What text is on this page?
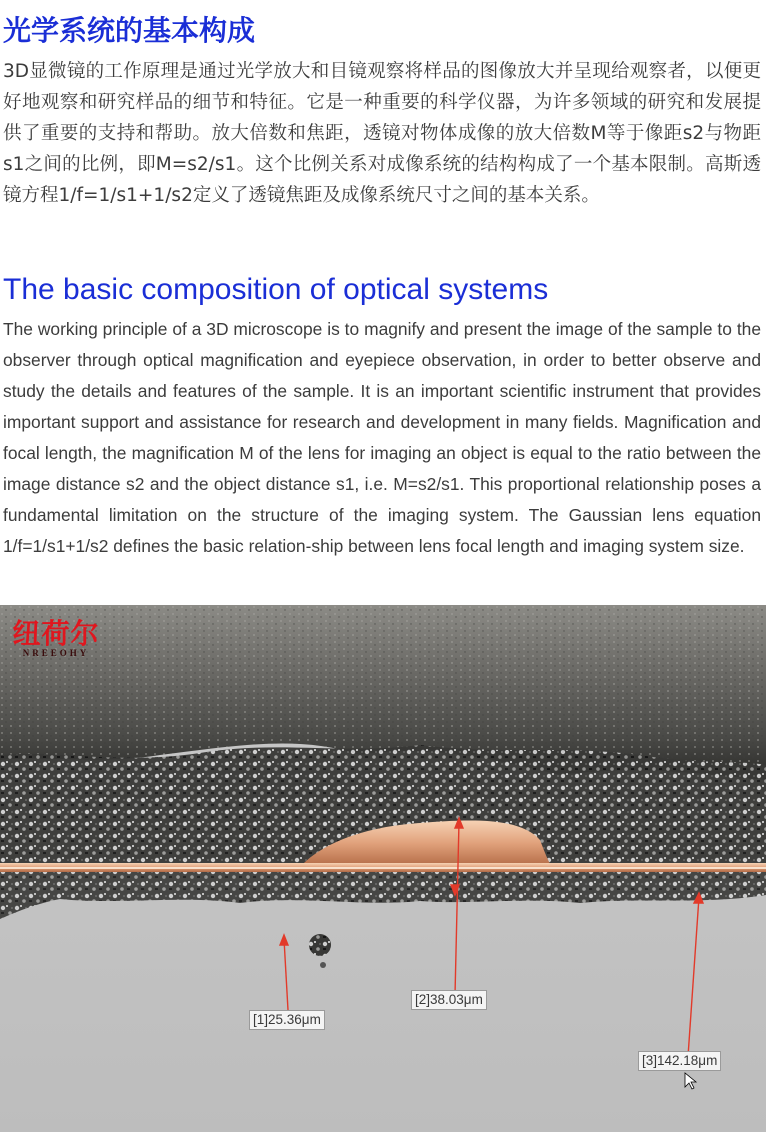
光学系统的基本构成

3D显微镜的工作原理是通过光学放大和目镜观察将样品的图像放大并呈现给观察者，以便更好地观察和研究样品的细节和特征。它是一种重要的科学仪器，为许多领域的研究和发展提供了重要的支持和帮助。放大倍数和焦距，透镜对物体成像的放大倍数M等于像距s2与物距s1之间的比例，即M=s2/s1。这个比例关系对成像系统的结构构成了一个基本限制。高斯透镜方程1/f=1/s1+1/s2定义了透镜焦距及成像系统尺寸之间的基本关系。

The basic composition of optical systems

The working principle of a 3D microscope is to magnify and present the image of the sample to the observer through optical magnification and eyepiece observation, in order to better observe and study the details and features of the sample. It is an important scientific instrument that provides important support and assistance for research and development in many fields. Magnification and focal length, the magnification M of the lens for imaging an object is equal to the ratio between the image distance s2 and the object distance s1, i.e. M=s2/s1. This proportional relationship poses a fundamental limitation on the structure of the imaging system. The Gaussian lens equation 1/f=1/s1+1/s2 defines the basic relation-ship between lens focal length and imaging system size.

纽荷尔
NREEOHY
[1]25.36μm
[2]38.03μm
[3]142.18μm
